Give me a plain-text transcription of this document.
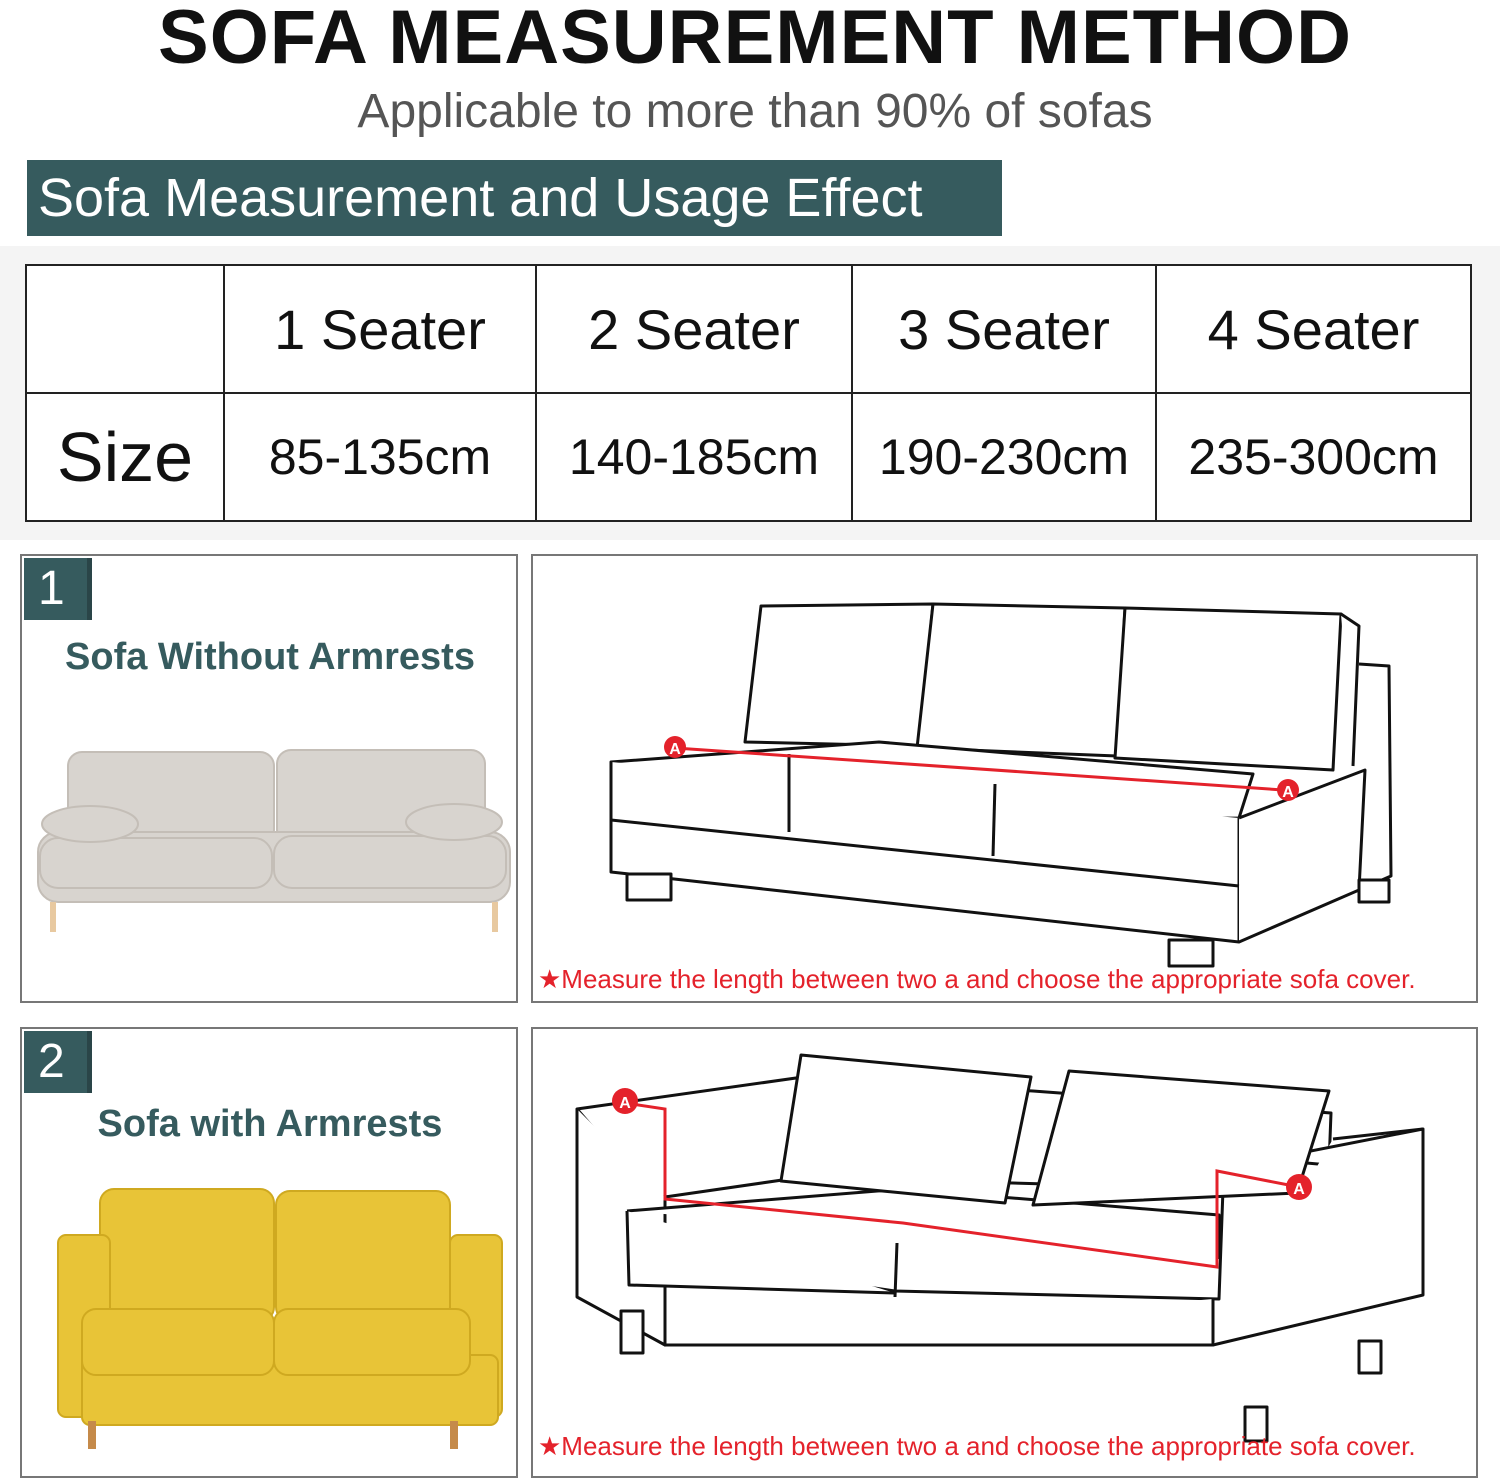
SOFA MEASUREMENT METHOD
Applicable to more than 90% of sofas
Sofa Measurement and Usage Effect
	1 Seater	2 Seater	3 Seater	4 Seater
Size	85-135cm	140-185cm	190-230cm	235-300cm
1
Sofa Without Armrests
A
A
★Measure the length between two a and choose the appropriate sofa cover.
2
Sofa with Armrests	A
A
★Measure the length between two a and choose the appropriate sofa cover.
